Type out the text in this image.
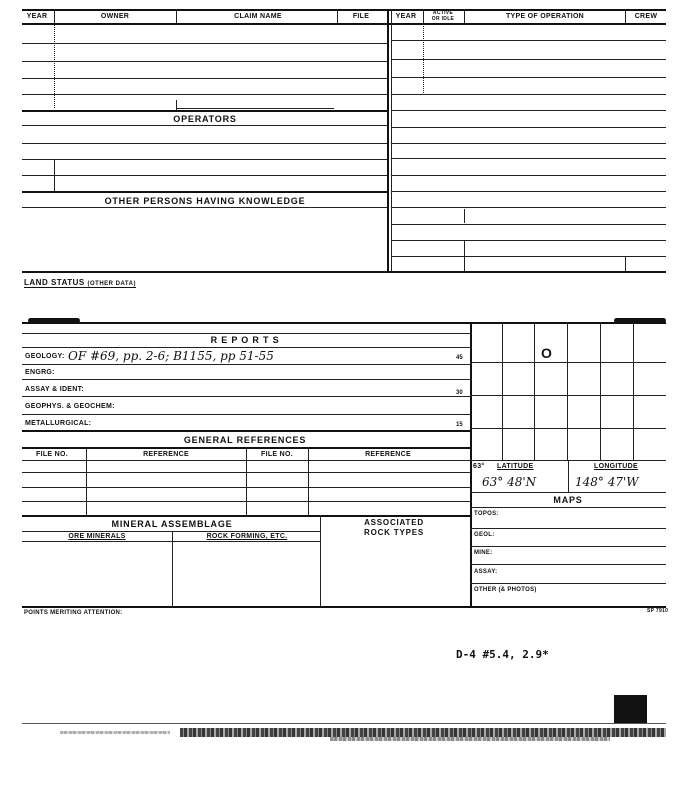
YEAR	OWNER	CLAIM NAME	FILE	YEAR	ACTIVE
OR IDLE	TYPE OF OPERATION	CREW
OPERATORS
OTHER PERSONS HAVING KNOWLEDGE
LAND STATUS (OTHER DATA)
R E P O R T S
GEOLOGY: OF #69, pp. 2-6; B1155, pp 51-55	45
ENGRG:
ASSAY & IDENT:	30
GEOPHYS. & GEOCHEM:
METALLURGICAL:	15
GENERAL REFERENCES
FILE NO.	REFERENCE	FILE NO.	REFERENCE
MINERAL ASSEMBLAGE	ASSOCIATED
ROCK TYPES
ORE MINERALS	ROCK FORMING, ETC.
O
63° LATITUDE	LONGITUDE
63° 48'N	148° 47'W
MAPS
TOPOS:
GEOL:
MINE:
ASSAY:
OTHER (& PHOTOS)
POINTS MERITING ATTENTION:	SP 7910
D-4 #5.4, 2.9*
